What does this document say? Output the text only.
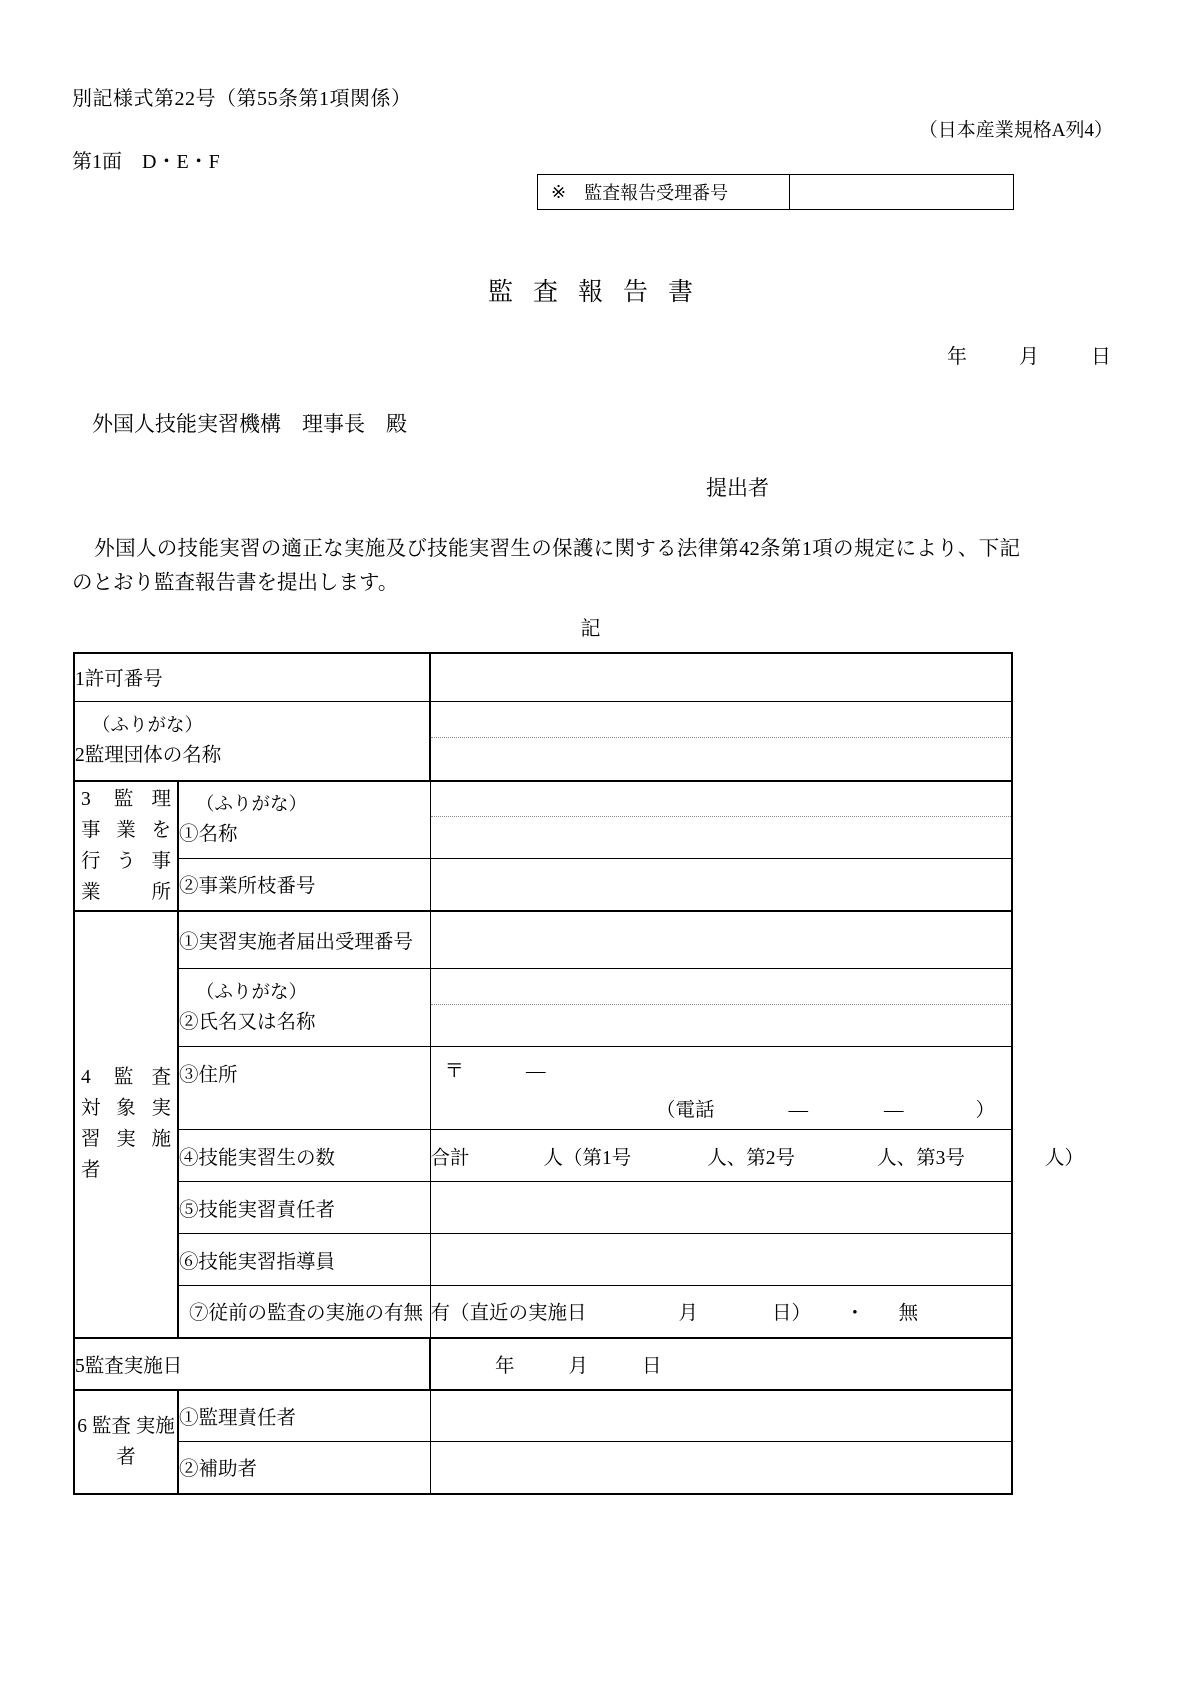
別記様式第22号（第55条第1項関係）
（日本産業規格A列4）
第1面　D・E・F
※ 監査報告受理番号
監査報告書
年	月	日
外国人技能実習機構　理事長　殿
提出者
外国人の技能実習の適正な実施及び技能実習生の保護に関する法律第42条第1項の規定により、下記のとおり監査報告書を提出します。
記
1許可番号		

（ふりがな）
2監理団体の名称		

3 監理
事業を
行う事
業所	（ふりがな）
①名称	

	②事業所枝番号	

4 監査
対象実
習実施
者	①実習実施者届出受理番号	

	（ふりがな）
②氏名又は名称	

	③住所	〒 —
（電話 — — ）

	④技能実習生の数	合計 人（第1号 人、第2号 人、第3号 人）
	⑤技能実習責任者	
	⑥技能実習指導員	
	⑦従前の監査の実施の有無	有（直近の実施日 月 日） ・ 無
5監査実施日		年 月 日
6 監査 実施者	①監理責任者	
	②補助者	
